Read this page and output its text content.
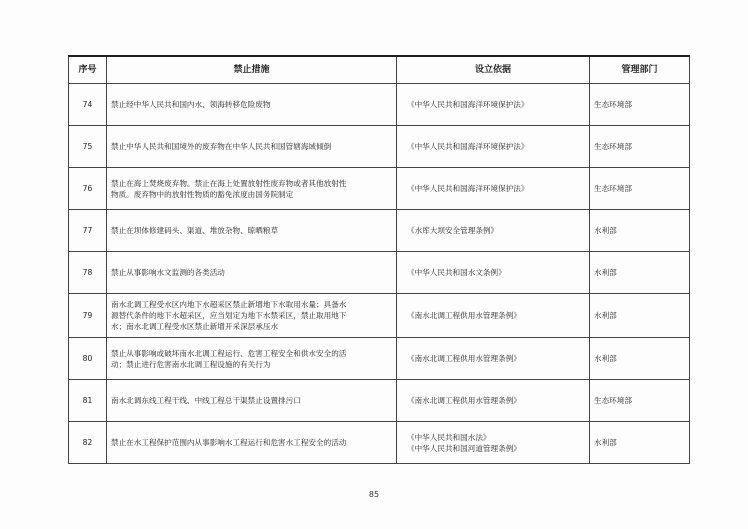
序号	禁止措施	设立依据	管理部门
74	禁止经中华人民共和国内水、领海转移危险废物	《中华人民共和国海洋环境保护法》	生态环境部
75	禁止中华人民共和国境外的废弃物在中华人民共和国管辖海域倾倒	《中华人民共和国海洋环境保护法》	生态环境部
76	禁止在海上焚烧废弃物。禁止在海上处置放射性废弃物或者其他放射性
物质。废弃物中的放射性物质的豁免浓度由国务院制定	《中华人民共和国海洋环境保护法》	生态环境部
77	禁止在坝体修建码头、渠道、堆放杂物、晾晒粮草	《水库大坝安全管理条例》	水利部
78	禁止从事影响水文监测的各类活动	《中华人民共和国水文条例》	水利部
79	南水北调工程受水区内地下水超采区禁止新增地下水取用水量；具备水
源替代条件的地下水超采区，应当划定为地下水禁采区，禁止取用地下
水；南水北调工程受水区禁止新增开采深层承压水	《南水北调工程供用水管理条例》	水利部
80	禁止从事影响或破坏南水北调工程运行、危害工程安全和供水安全的活
动；禁止进行危害南水北调工程设施的有关行为	《南水北调工程供用水管理条例》	水利部
81	南水北调东线工程干线、中线工程总干渠禁止设置排污口	《南水北调工程供用水管理条例》	生态环境部
82	禁止在水工程保护范围内从事影响水工程运行和危害水工程安全的活动	《中华人民共和国水法》
《中华人民共和国河道管理条例》	水利部
85
